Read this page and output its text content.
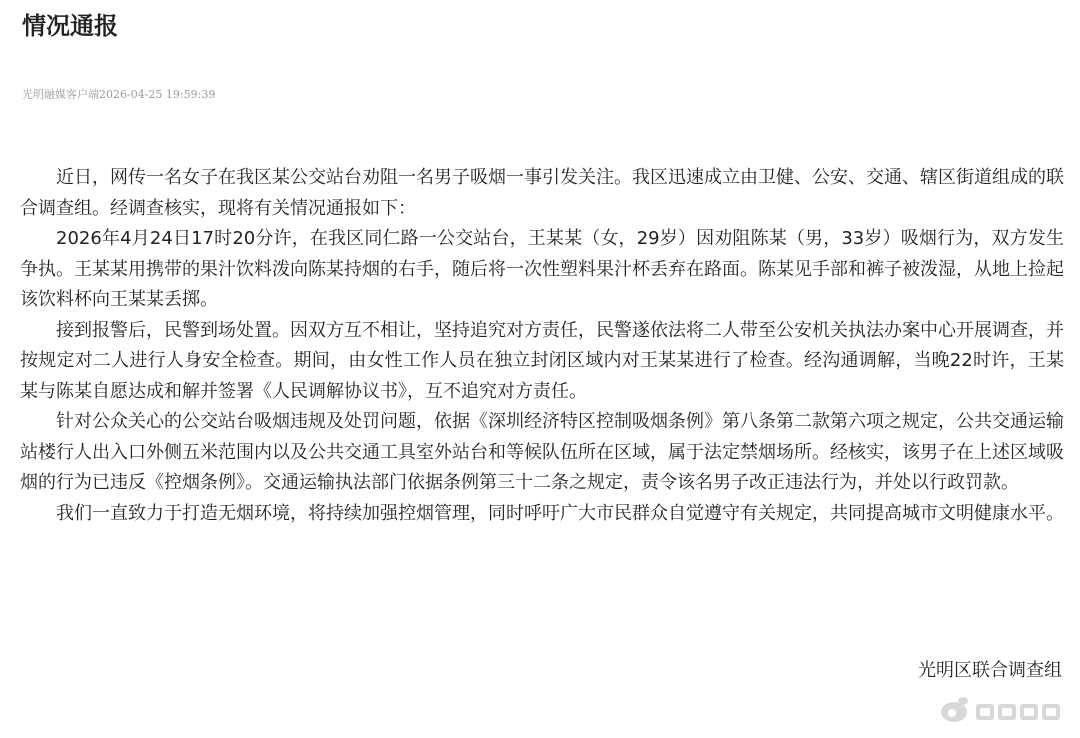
情况通报
光明融媒客户端2026-04-25 19:59:39

近日，网传一名女子在我区某公交站台劝阻一名男子吸烟一事引发关注。我区迅速成立由卫健、公安、交通、辖区街道组成的联合调查组。经调查核实，现将有关情况通报如下：

2026年4月24日17时20分许，在我区同仁路一公交站台，王某某（女，29岁）因劝阻陈某（男，33岁）吸烟行为，双方发生争执。王某某用携带的果汁饮料泼向陈某持烟的右手，随后将一次性塑料果汁杯丢弃在路面。陈某见手部和裤子被泼湿，从地上捡起该饮料杯向王某某丢掷。

接到报警后，民警到场处置。因双方互不相让，坚持追究对方责任，民警遂依法将二人带至公安机关执法办案中心开展调查，并按规定对二人进行人身安全检查。期间，由女性工作人员在独立封闭区域内对王某某进行了检查。经沟通调解，当晚22时许，王某某与陈某自愿达成和解并签署《人民调解协议书》，互不追究对方责任。

针对公众关心的公交站台吸烟违规及处罚问题，依据《深圳经济特区控制吸烟条例》第八条第二款第六项之规定，公共交通运输站楼行人出入口外侧五米范围内以及公共交通工具室外站台和等候队伍所在区域，属于法定禁烟场所。经核实，该男子在上述区域吸烟的行为已违反《控烟条例》。交通运输执法部门依据条例第三十二条之规定，责令该名男子改正违法行为，并处以行政罚款。

我们一直致力于打造无烟环境，将持续加强控烟管理，同时呼吁广大市民群众自觉遵守有关规定，共同提高城市文明健康水平。

光明区联合调查组
